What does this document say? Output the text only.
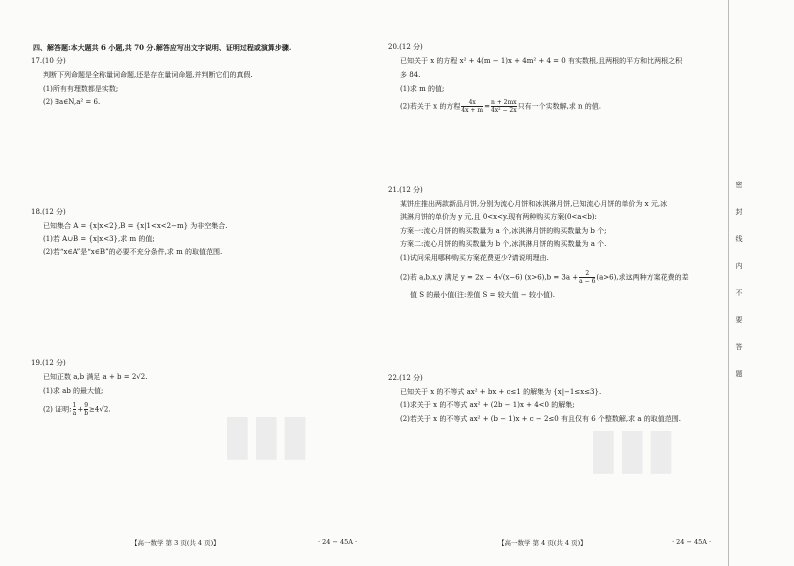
▮▮▮	▮▮▮
四、解答题:本大题共 6 小题,共 70 分.解答应写出文字说明、证明过程或演算步骤.
17.(10 分)
判断下列命题是全称量词命题,还是存在量词命题,并判断它们的真假.
(1)所有有理数都是实数;
(2) ∃a∈N,a² = 6.
18.(12 分)
已知集合 A = {x|x<2},B = {x|1<x<2−m} 为非空集合.
(1)若 A∪B = {x|x<3},求 m 的值;
(2)若“x∈A”是“x∈B”的必要不充分条件,求 m 的取值范围.
19.(12 分)
已知正数 a,b 满足 a + b = 2√2.
(1)求 ab 的最大值;
(2) 证明: $\frac{1}{a} + \frac{9}{b} \ge 4√2$.
【高一数学 第 3 页(共 4 页)】	· 24 − 45A ·
20.(12 分)
已知关于 x 的方程 x² + 4(m − 1)x + 4m² + 4 = 0 有实数根,且两根的平方和比两根之积
多 84.
(1)求 m 的值;
(2)若关于 x 的方程 $\frac{4x}{4x + m} = \frac{n + 2mx}{\text{4x² − 2x}}$ 只有一个实数解,求 n 的值.
21.(12 分)
某饼庄推出两款新品月饼,分别为流心月饼和冰淇淋月饼,已知流心月饼的单价为 x 元,冰
淇淋月饼的单价为 y 元,且 0<x<y.现有两种购买方案(0<a<b):
方案一:流心月饼的购买数量为 a 个,冰淇淋月饼的购买数量为 b 个;
方案二:流心月饼的购买数量为 b 个,冰淇淋月饼的购买数量为 a 个.
(1)试问采用哪种购买方案花费更少?请说明理由.
(2)若 a,b,x,y 满足 y = 2x − 4√(x−6) $(x>6),b = 3a + \frac{2}{a - 6} (a>6)$,求这两种方案花费的差
值 S 的最小值(注:差值 S = 较大值 − 较小值).
22.(12 分)
已知关于 x 的不等式 ax² + bx + c≤1 的解集为 {x|−1≤x≤3}.
(1)求关于 x 的不等式 ax² + (2b − 1)x + 4<0 的解集;
(2)若关于 x 的不等式 ax² + (b − 1)x + c − 2≤0 有且仅有 6 个整数解,求 a 的取值范围.
【高一数学 第 4 页(共 4 页)】	· 24 − 45A ·
密
封
线
内
不
要
答
题
